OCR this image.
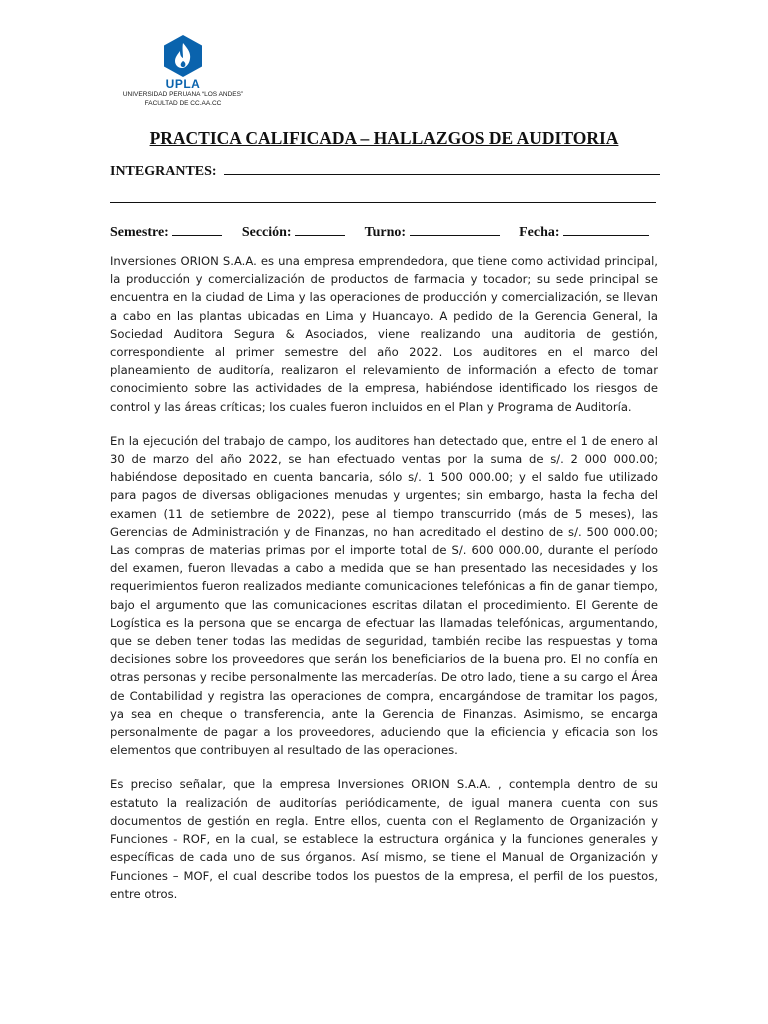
UPLA
UNIVERSIDAD PERUANA “LOS ANDES”
FACULTAD DE CC.AA.CC
PRACTICA CALIFICADA – HALLAZGOS DE AUDITORIA
INTEGRANTES:
Semestre:	Sección:	Turno:	Fecha:

Inversiones ORION S.A.A. es una empresa emprendedora, que tiene como actividad principal, la producción y comercialización de productos de farmacia y tocador; su sede principal se encuentra en la ciudad de Lima y las operaciones de producción y comercialización, se llevan a cabo en las plantas ubicadas en Lima y Huancayo. A pedido de la Gerencia General, la Sociedad Auditora Segura & Asociados, viene realizando una auditoria de gestión, correspondiente al primer semestre del año 2022. Los auditores en el marco del planeamiento de auditoría, realizaron el relevamiento de información a efecto de tomar conocimiento sobre las actividades de la empresa, habiéndose identificado los riesgos de control y las áreas críticas; los cuales fueron incluidos en el Plan y Programa de Auditoría.

En la ejecución del trabajo de campo, los auditores han detectado que, entre el 1 de enero al 30 de marzo del año 2022, se han efectuado ventas por la suma de s/. 2 000 000.00; habiéndose depositado en cuenta bancaria, sólo s/. 1 500 000.00; y el saldo fue utilizado para pagos de diversas obligaciones menudas y urgentes; sin embargo, hasta la fecha del examen (11 de setiembre de 2022), pese al tiempo transcurrido (más de 5 meses), las Gerencias de Administración y de Finanzas, no han acreditado el destino de s/. 500 000.00; Las compras de materias primas por el importe total de S/. 600 000.00, durante el período del examen, fueron llevadas a cabo a medida que se han presentado las necesidades y los requerimientos fueron realizados mediante comunicaciones telefónicas a fin de ganar tiempo, bajo el argumento que las comunicaciones escritas dilatan el procedimiento. El Gerente de Logística es la persona que se encarga de efectuar las llamadas telefónicas, argumentando, que se deben tener todas las medidas de seguridad, también recibe las respuestas y toma decisiones sobre los proveedores que serán los beneficiarios de la buena pro. El no confía en otras personas y recibe personalmente las mercaderías. De otro lado, tiene a su cargo el Área de Contabilidad y registra las operaciones de compra, encargándose de tramitar los pagos, ya sea en cheque o transferencia, ante la Gerencia de Finanzas. Asimismo, se encarga personalmente de pagar a los proveedores, aduciendo que la eficiencia y eficacia son los elementos que contribuyen al resultado de las operaciones.

Es preciso señalar, que la empresa Inversiones ORION S.A.A. , contempla dentro de su estatuto la realización de auditorías periódicamente, de igual manera cuenta con sus documentos de gestión en regla. Entre ellos, cuenta con el Reglamento de Organización y Funciones - ROF, en la cual, se establece la estructura orgánica y la funciones generales y específicas de cada uno de sus órganos. Así mismo, se tiene el Manual de Organización y Funciones – MOF, el cual describe todos los puestos de la empresa, el perfil de los puestos, entre otros.
